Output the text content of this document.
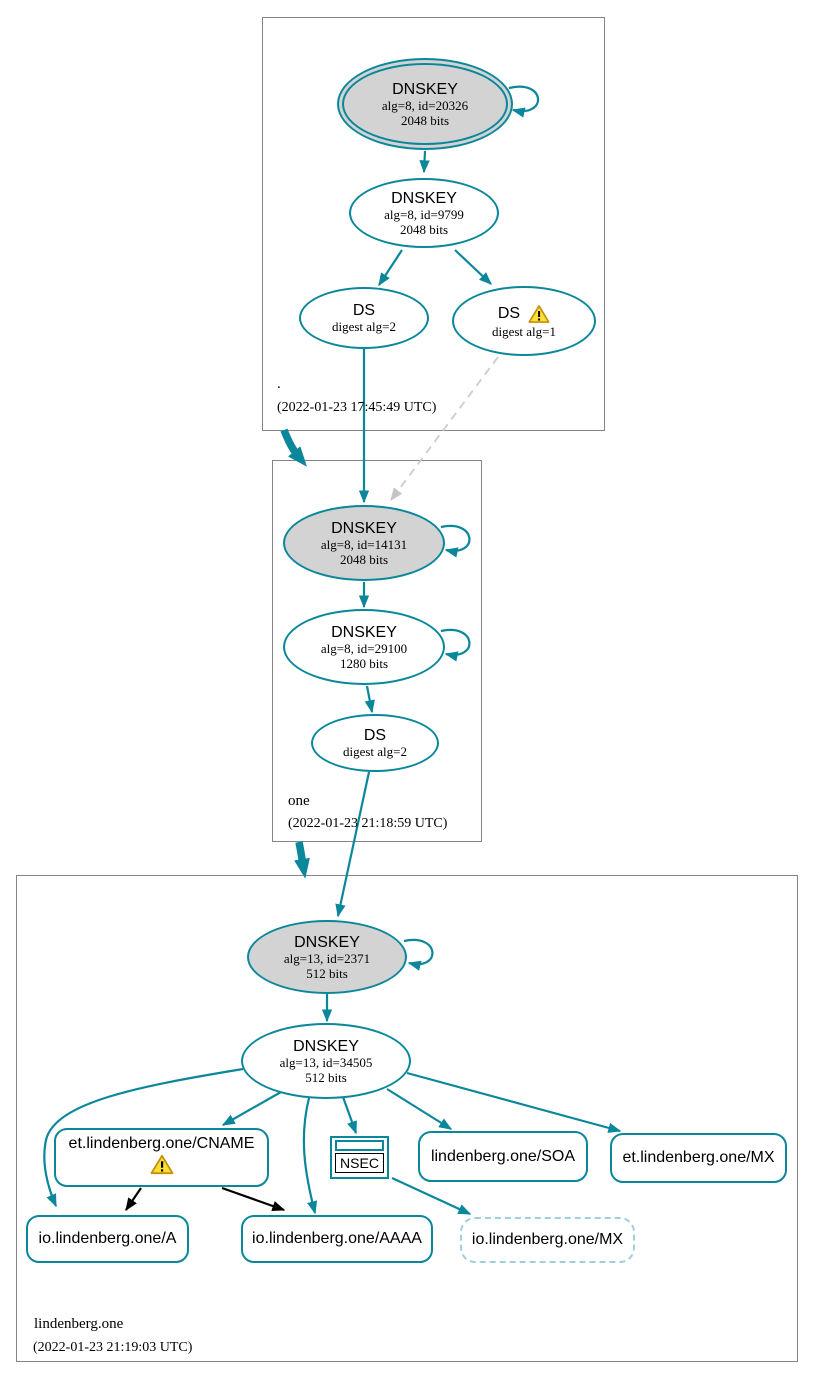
DNSKEY
alg=8, id=20326
2048 bits
DNSKEY
alg=8, id=9799
2048 bits
DS
digest alg=2
DS
digest alg=1
.
(2022-01-23 17:45:49 UTC)
DNSKEY
alg=8, id=14131
2048 bits
DNSKEY
alg=8, id=29100
1280 bits
DS
digest alg=2
one
(2022-01-23 21:18:59 UTC)
DNSKEY
alg=13, id=2371
512 bits
DNSKEY
alg=13, id=34505
512 bits
et.lindenberg.one/CNAME
NSEC	lindenberg.one/SOA	et.lindenberg.one/MX
io.lindenberg.one/A	io.lindenberg.one/AAAA	io.lindenberg.one/MX
lindenberg.one
(2022-01-23 21:19:03 UTC)
